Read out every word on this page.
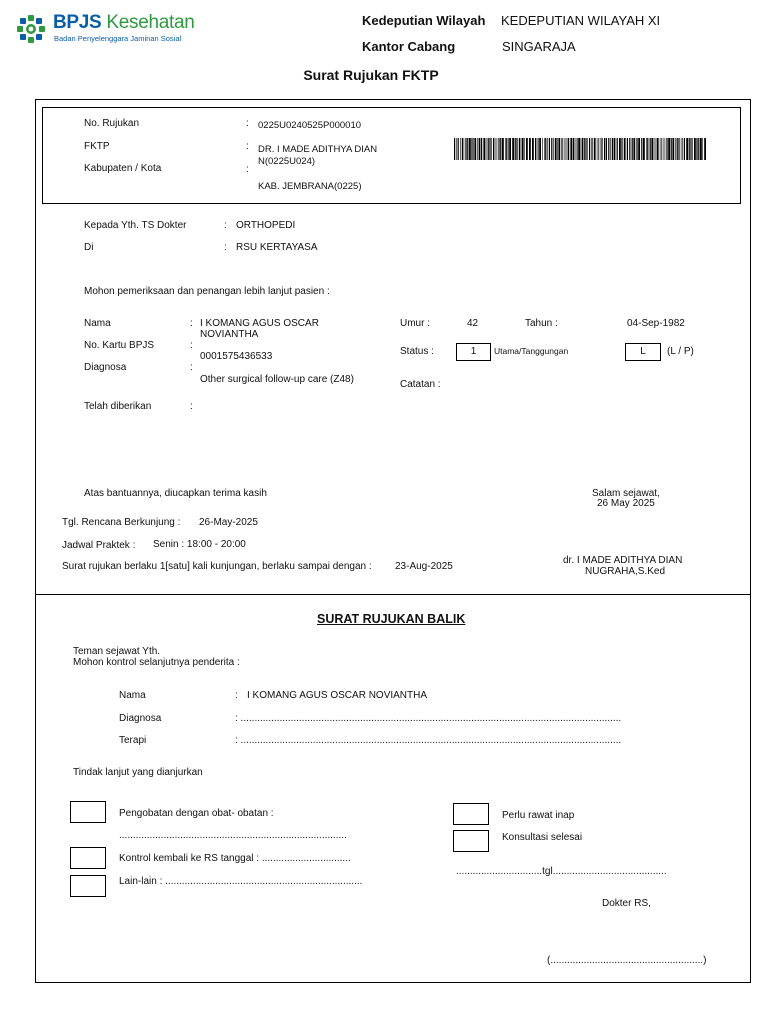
BPJS Kesehatan
Badan Penyelenggara Jaminan Sosial
Kedeputian Wilayah KEDEPUTIAN WILAYAH XI
Kantor Cabang	SINGARAJA
Surat Rujukan FKTP
No. Rujukan	: 0225U0240525P000010
FKTP	: DR. I MADE ADITHYA DIAN
N(0225U024)
Kabupaten / Kota	:
KAB. JEMBRANA(0225)
Kepada Yth. TS Dokter	: ORTHOPEDI
Di	: RSU KERTAYASA
Mohon pemeriksaan dan penangan lebih lanjut pasien :
Nama	: I KOMANG AGUS OSCAR
NOVIANTHA
No. Kartu BPJS	:
0001575436533
Diagnosa	:
Other surgical follow-up care (Z48)
Telah diberikan	:
Umur :	42	Tahun :	04-Sep-1982
Status :	1	Utama/Tanggungan	L	(L / P)
Catatan :
Atas bantuannya, diucapkan terima kasih	Salam sejawat,
26 May 2025
Tgl. Rencana Berkunjung : 26-May-2025
Jadwal Praktek : Senin : 18:00 - 20:00
Surat rujukan berlaku 1[satu] kali kunjungan, berlaku sampai dengan : 23-Aug-2025
dr. I MADE ADITHYA DIAN
NUGRAHA,S.Ked
SURAT RUJUKAN BALIK
Teman sejawat Yth.
Mohon kontrol selanjutnya penderita :
Nama	: I KOMANG AGUS OSCAR NOVIANTHA
Diagnosa	: .........................................................................................................................................
Terapi	: .........................................................................................................................................
Tindak lanjut yang dianjurkan
Pengobatan dengan obat- obatan :
..................................................................................
Kontrol kembali ke RS tanggal : ................................
Lain-lain : .......................................................................
Perlu rawat inap
Konsultasi selesai
...............................tgl.........................................
Dokter RS,
(.......................................................)
